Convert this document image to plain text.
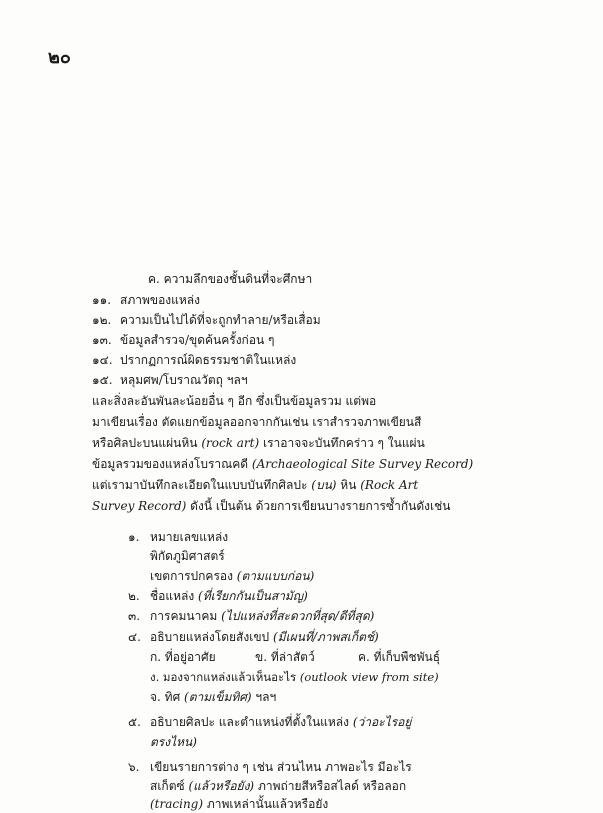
๒๐
ค. ความลึกของชั้นดินที่จะศึกษา
๑๑. สภาพของแหล่ง
๑๒. ความเป็นไปได้ที่จะถูกทำลาย/หรือเสื่อม
๑๓. ข้อมูลสำรวจ/ขุดค้นครั้งก่อน ๆ
๑๔. ปรากฏการณ์ผิดธรรมชาติในแหล่ง
๑๕. หลุมศพ/โบราณวัตถุ ฯลฯ
และสิ่งละอันพันละน้อยอื่น ๆ อีก ซึ่งเป็นข้อมูลรวม แต่พอ
มาเขียนเรื่อง ตัดแยกข้อมูลออกจากกันเช่น เราสำรวจภาพเขียนสี
หรือศิลปะบนแผ่นหิน (rock art) เราอาจจะบันทึกคร่าว ๆ ในแผ่น
ข้อมูลรวมของแหล่งโบราณคดี (Archaeological Site Survey Record)
แต่เรามาบันทึกละเอียดในแบบบันทึกศิลปะ (บน) หิน (Rock Art
Survey Record) ดังนี้ เป็นต้น ด้วยการเขียนบางรายการซ้ำกันดังเช่น
๑. หมายเลขแหล่ง
พิกัดภูมิศาสตร์
เขตการปกครอง (ตามแบบก่อน)
๒. ชื่อแหล่ง (ที่เรียกกันเป็นสามัญ)
๓. การคมนาคม (ไปแหล่งที่สะดวกที่สุด/ดีที่สุด)
๔. อธิบายแหล่งโดยสังเขป (มีเผนที่/ภาพสเก็ตช์)
ก. ที่อยู่อาศัย	ข. ที่ล่าสัตว์	ค. ที่เก็บพืชพันธุ์
ง. มองจากแหล่งแล้วเห็นอะไร (outlook view from site)
จ. ทิศ (ตามเข็มทิศ) ฯลฯ
๕. อธิบายศิลปะ และตำแหน่งที่ตั้งในแหล่ง (ว่าอะไรอยู่
ตรงไหน)
๖. เขียนรายการต่าง ๆ เช่น ส่วนไหน ภาพอะไร มีอะไร
สเก็ตซ์ (แล้วหรือยัง) ภาพถ่ายสีหรือสไลด์ หรือลอก
(tracing) ภาพเหล่านั้นแล้วหรือยัง
